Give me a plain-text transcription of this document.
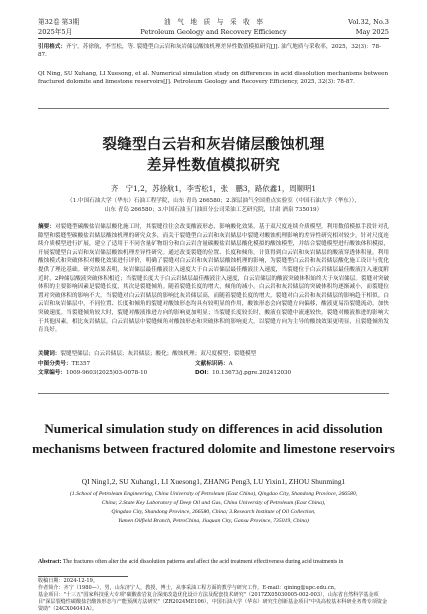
第32卷 第3期
2025年5月
油　气　地　质　与　采　收　率
Petroleum Geology and Recovery Efficiency
Vol.32, No.3
May 2025
引用格式：齐宁，苏徐航，李雪松，等. 裂缝型白云岩和灰岩储层酸蚀机理差异性数值模拟研究[J]. 油气地质与采收率，2025，32(3)：78-87.
QI Ning, SU Xuhang, LI Xuesong, et al. Numerical simulation study on differences in acid dissolution mechanisms between fractured dolomite and limestone reservoirs[J]. Petroleum Geology and Recovery Efficiency, 2025, 32(3): 78-87.
裂缝型白云岩和灰岩储层酸蚀机理
差异性数值模拟研究
齐　宁1,2，苏徐航1，李雪松1，张　鹏3，路依鑫1，周顺明1
（1.中国石油大学（华东）石油工程学院，山东 青岛 266580；2.深层油气全国重点实验室（中国石油大学（华东）），
山东 青岛 266580；3.中国石油玉门油田分公司采油工艺研究院，甘肃 酒泉 735019）
摘要：对裂缝型碳酸盐岩储层酸化施工时，其裂缝往往会改变酸液形态，影响酸化效果。基于双尺度连续介质模型，利用数值模拟手段针对孔隙型和裂缝型碳酸盐岩储层酸蚀机理的研究众多，而关于裂缝型白云岩和灰岩储层中裂缝对酸蚀机理影响的差异性研究相对较少。针对尺度连续介质模型进行扩展，建立了适用于不同含量矿物组分和白云岩含量碳酸盐岩储层酸化模拟的酸蚀模型，并结合裂缝模型进行酸蚀体积模拟，开展裂缝型白云岩和灰岩储层酸蚀机理差异性研究。通过改变裂缝的位置、长度和倾角，计算得到白云岩和灰岩储层的酸液穿透体积量。利用酸蚀模式和突破体积对酸化效果进行评价，明确了裂缝对白云岩和灰岩储层酸蚀机理的影响，为裂缝型白云岩和灰岩储层酸化施工设计与优化提供了理论基础。研究结果表明，灰岩储层最佳酸液注入速度大于白云岩储层最佳酸液注入速度，当裂缝位于白云岩储层最佳酸液注入速度附近时，2种储层酸液突破体积相近；当裂缝长度大于白云岩储层最佳酸液注入速度，白云岩储层的酸液突破体积始终大于灰岩储层。裂缝对突破体积的主要影响因素是裂缝长度，其次是裂缝倾角。随着裂缝长度的增大，倾角的减小，白云岩和灰岩储层的突破体积均逐渐减小，而裂缝位置对突破体积的影响不大。当裂缝对白云岩储层的影响比灰岩储层高，而随着裂缝长度的增大，裂缝对白云岩和灰岩储层的影响趋于相似。白云岩和灰岩储层中，不同位置、长度和倾角的裂缝对酸蚀形态均具有较明显的作用，酸蚀形态会向裂缝方向偏移，酸液更易沿裂缝流动，加快突破速度。当裂缝倾角较大时，裂缝对酸液推进方向的影响更加明显；当裂缝长度较长时，酸液在裂缝中流速较快，裂缝对酸液推进的影响大于其他因素。相比灰岩储层，白云岩储层中裂缝倾角对酸蚀形态和突破体积的影响更大，以裂缝方向为主导的酸蚀效果更明显，且裂缝倾角发育良好。
关键词：裂缝型储层；白云岩储层；灰岩储层；酸化；酸蚀机理；双尺度模型；裂缝模型
中图分类号：TE357	文献标识码：A
文章编号：1009-9603(2025)03-0078-10	DOI：10.13673/j.pgre.202412030
Numerical simulation study on differences in acid dissolution
mechanisms between fractured dolomite and limestone reservoirs
QI Ning1,2, SU Xuhang1, LI Xuesong1, ZHANG Peng3, LU Yixin1, ZHOU Shunming1
(1.School of Petroleum Engineering, China University of Petroleum (East China), Qingdao City, Shandong Province, 266580,
China; 2.State Key Laboratory of Deep Oil and Gas, China University of Petroleum (East China),
Qingdao City, Shandong Province, 266580, China; 3.Research Institute of Oil Collection,
Yumen Oilfield Branch, PetroChina, Jiuquan City, Gansu Province, 735019, China)
Abstract: The fractures often alter the acid dissolution patterns and affect the acid treatment effectiveness during acid treatments in
收稿日期：2024-12-19。
作者简介：齐宁（1980—），男，山东济宁人，教授，博士，从事采油工程方面的教学与研究工作。E-mail：qining@upc.edu.cn。
基金项目："十三五"国家科技重大专项"碳酸盐岩复合深度改造优化设计方法及配套技术研究"（2017ZX05030005-002-003），山东省自然科学基金项目"深层裂缝性碳酸盐岩酸蚀形态与产能预测方法研究"（ZR2024ME106），中国石油大学（华东）研究生创新基金项目"中央高校基本科研业务费专项资金资助"（24CX04041A）。
